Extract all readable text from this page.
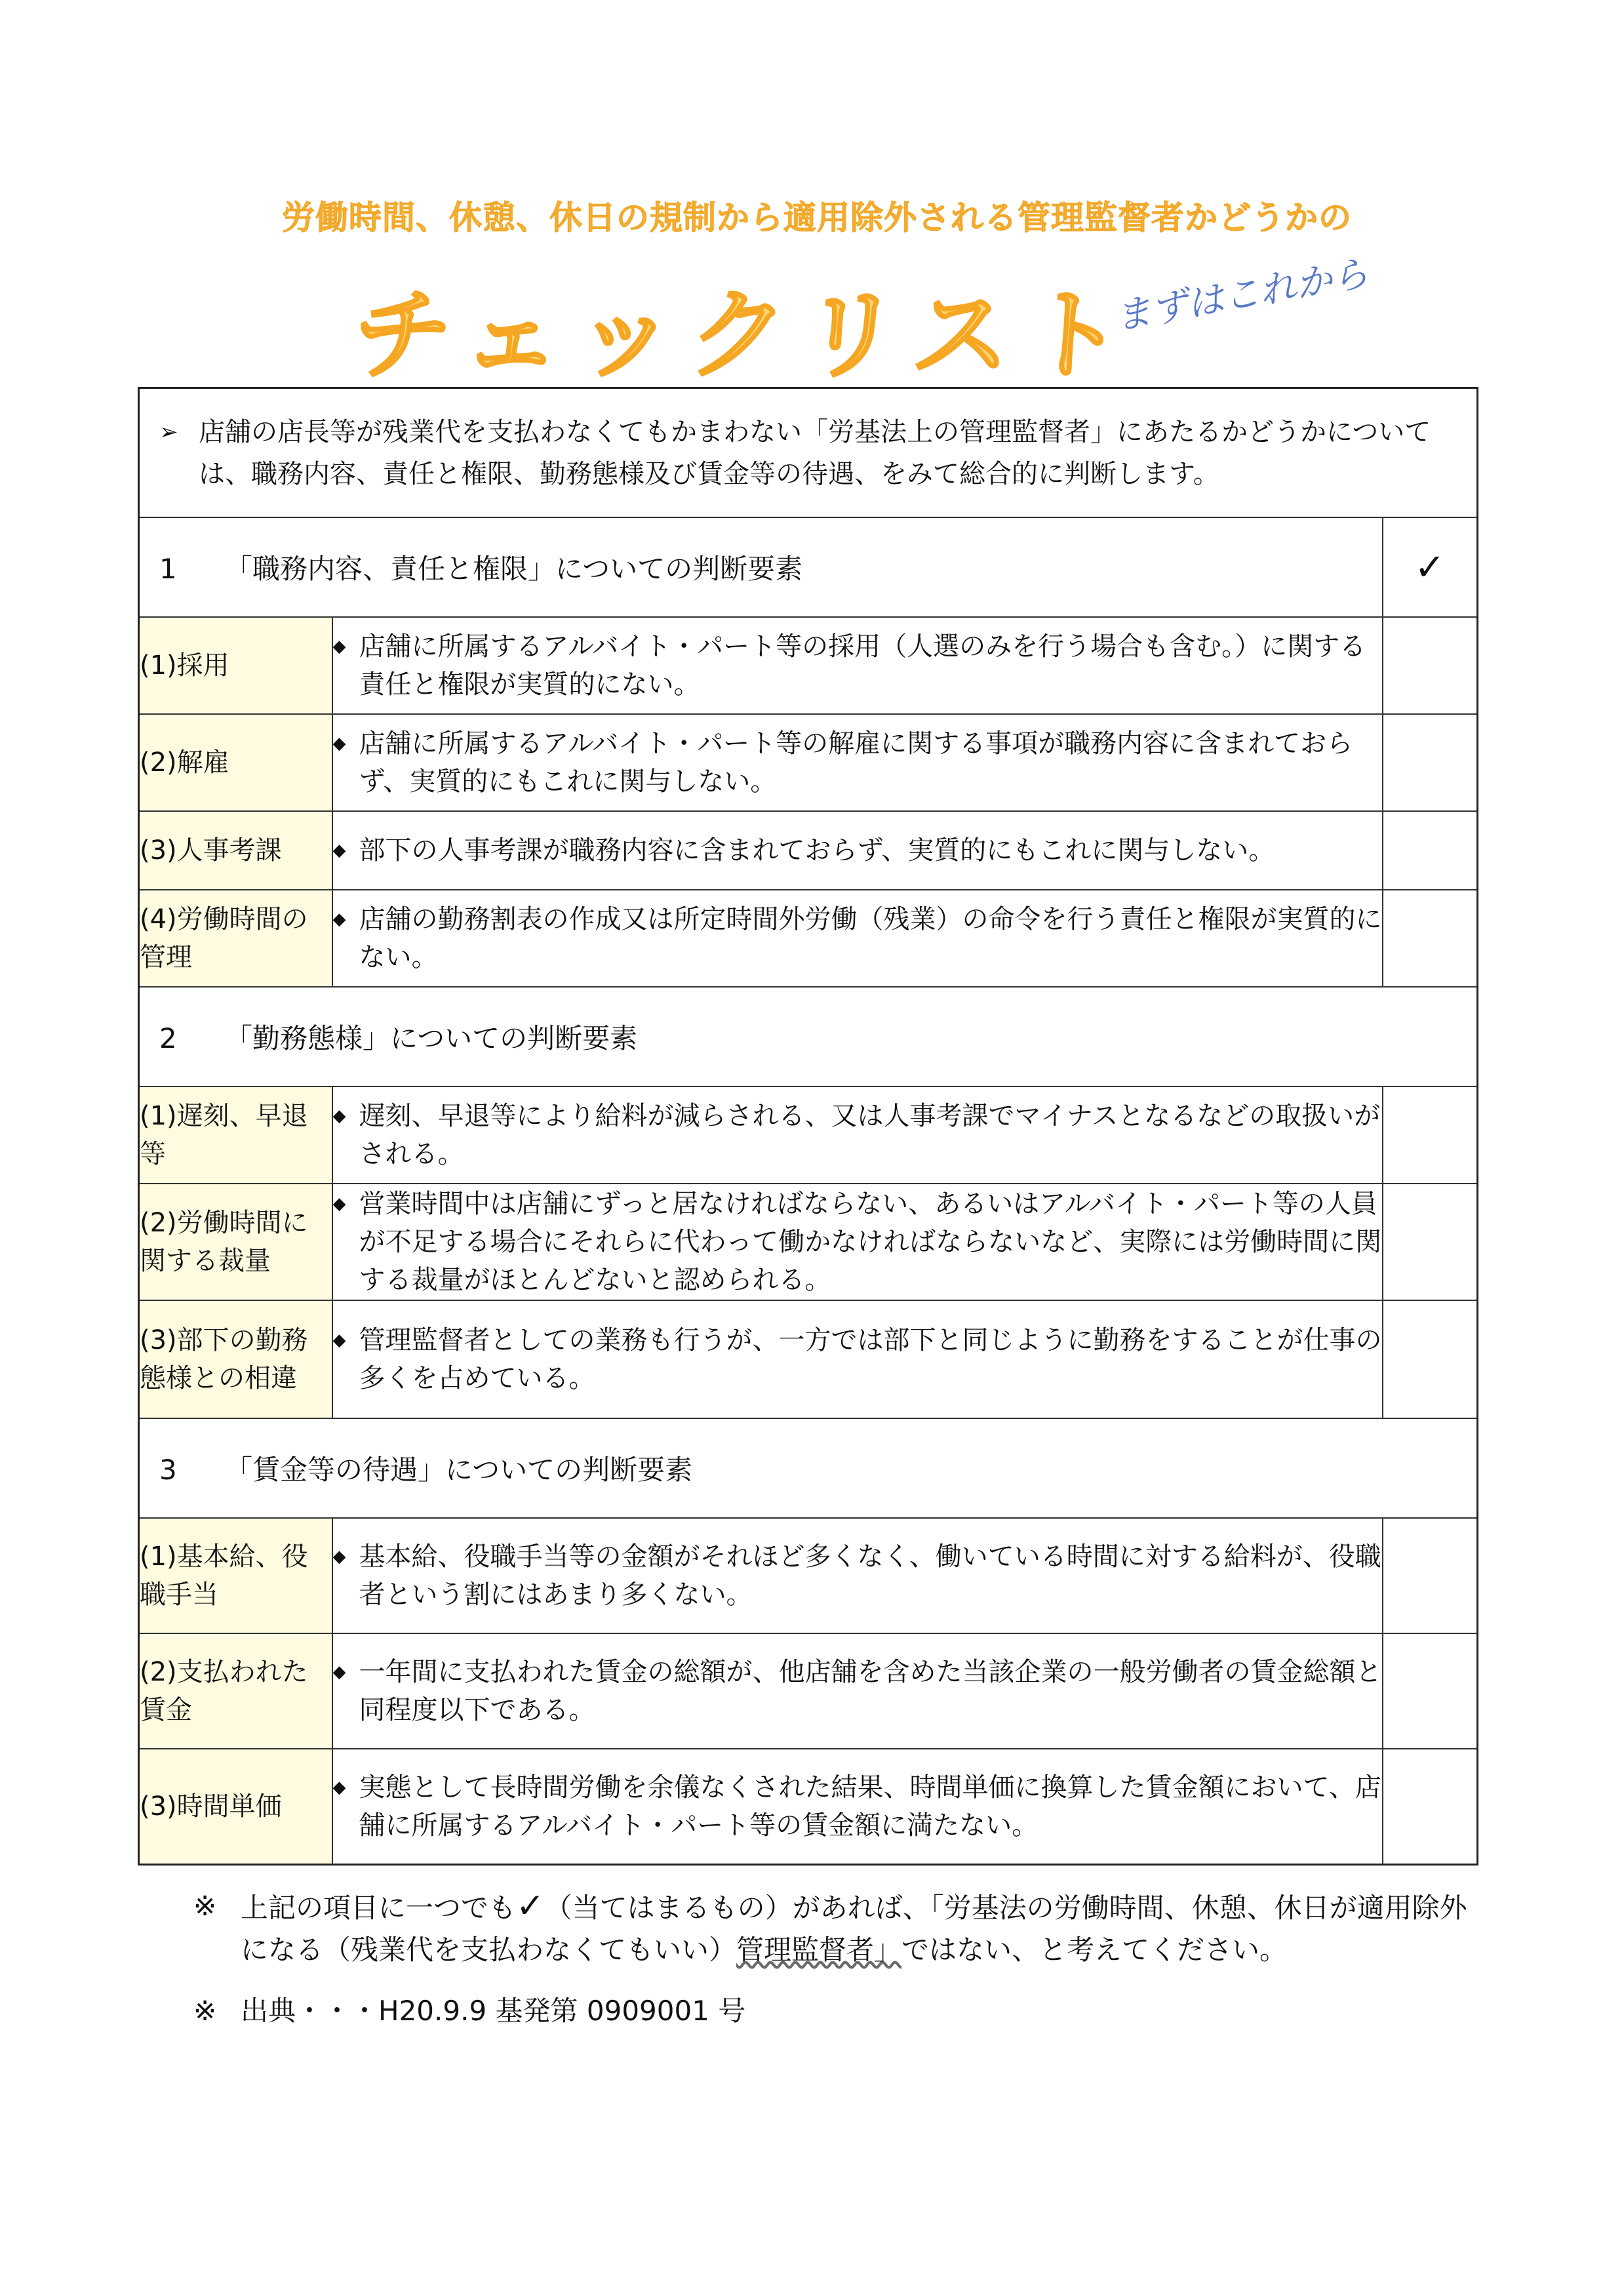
労働時間、休憩、休日の規制から適用除外される管理監督者かどうかの
チェックリスト
まずはこれから
➢ 店舗の店長等が残業代を支払わなくてもかまわない「労基法上の管理監督者」にあたるかどうかについては、職務内容、責任と権限、勤務態様及び賃金等の待遇、をみて総合的に判断します。		

1 「職務内容、責任と権限」についての判断要素		✓
(1)採用	◆ 店舗に所属するアルバイト・パート等の採用（人選のみを行う場合も含む。）に関する責任と権限が実質的にない。	

(2)解雇	◆ 店舗に所属するアルバイト・パート等の解雇に関する事項が職務内容に含まれておらず、実質的にもこれに関与しない。	

(3)人事考課	◆ 部下の人事考課が職務内容に含まれておらず、実質的にもこれに関与しない。	

(4)労働時間の管理	◆ 店舗の勤務割表の作成又は所定時間外労働（残業）の命令を行う責任と権限が実質的にない。	

2 「勤務態様」についての判断要素		
(1)遅刻、早退等	◆ 遅刻、早退等により給料が減らされる、又は人事考課でマイナスとなるなどの取扱いがされる。	

(2)労働時間に関する裁量	◆ 営業時間中は店舗にずっと居なければならない、あるいはアルバイト・パート等の人員が不足する場合にそれらに代わって働かなければならないなど、実際には労働時間に関する裁量がほとんどないと認められる。	

(3)部下の勤務態様との相違	◆ 管理監督者としての業務も行うが、一方では部下と同じように勤務をすることが仕事の多くを占めている。	

3 「賃金等の待遇」についての判断要素		
(1)基本給、役職手当	◆ 基本給、役職手当等の金額がそれほど多くなく、働いている時間に対する給料が、役職者という割にはあまり多くない。	

(2)支払われた賃金	◆ 一年間に支払われた賃金の総額が、他店舗を含めた当該企業の一般労働者の賃金総額と同程度以下である。	

(3)時間単価	◆ 実態として長時間労働を余儀なくされた結果、時間単価に換算した賃金額において、店舗に所属するアルバイト・パート等の賃金額に満たない。	

※ 上記の項目に一つでも✓（当てはまるもの）があれば、「労基法の労働時間、休憩、休日が適用除外になる（残業代を支払わなくてもいい）管理監督者」ではない、と考えてください。
※ 出典・・・H20.9.9 基発第 0909001 号
